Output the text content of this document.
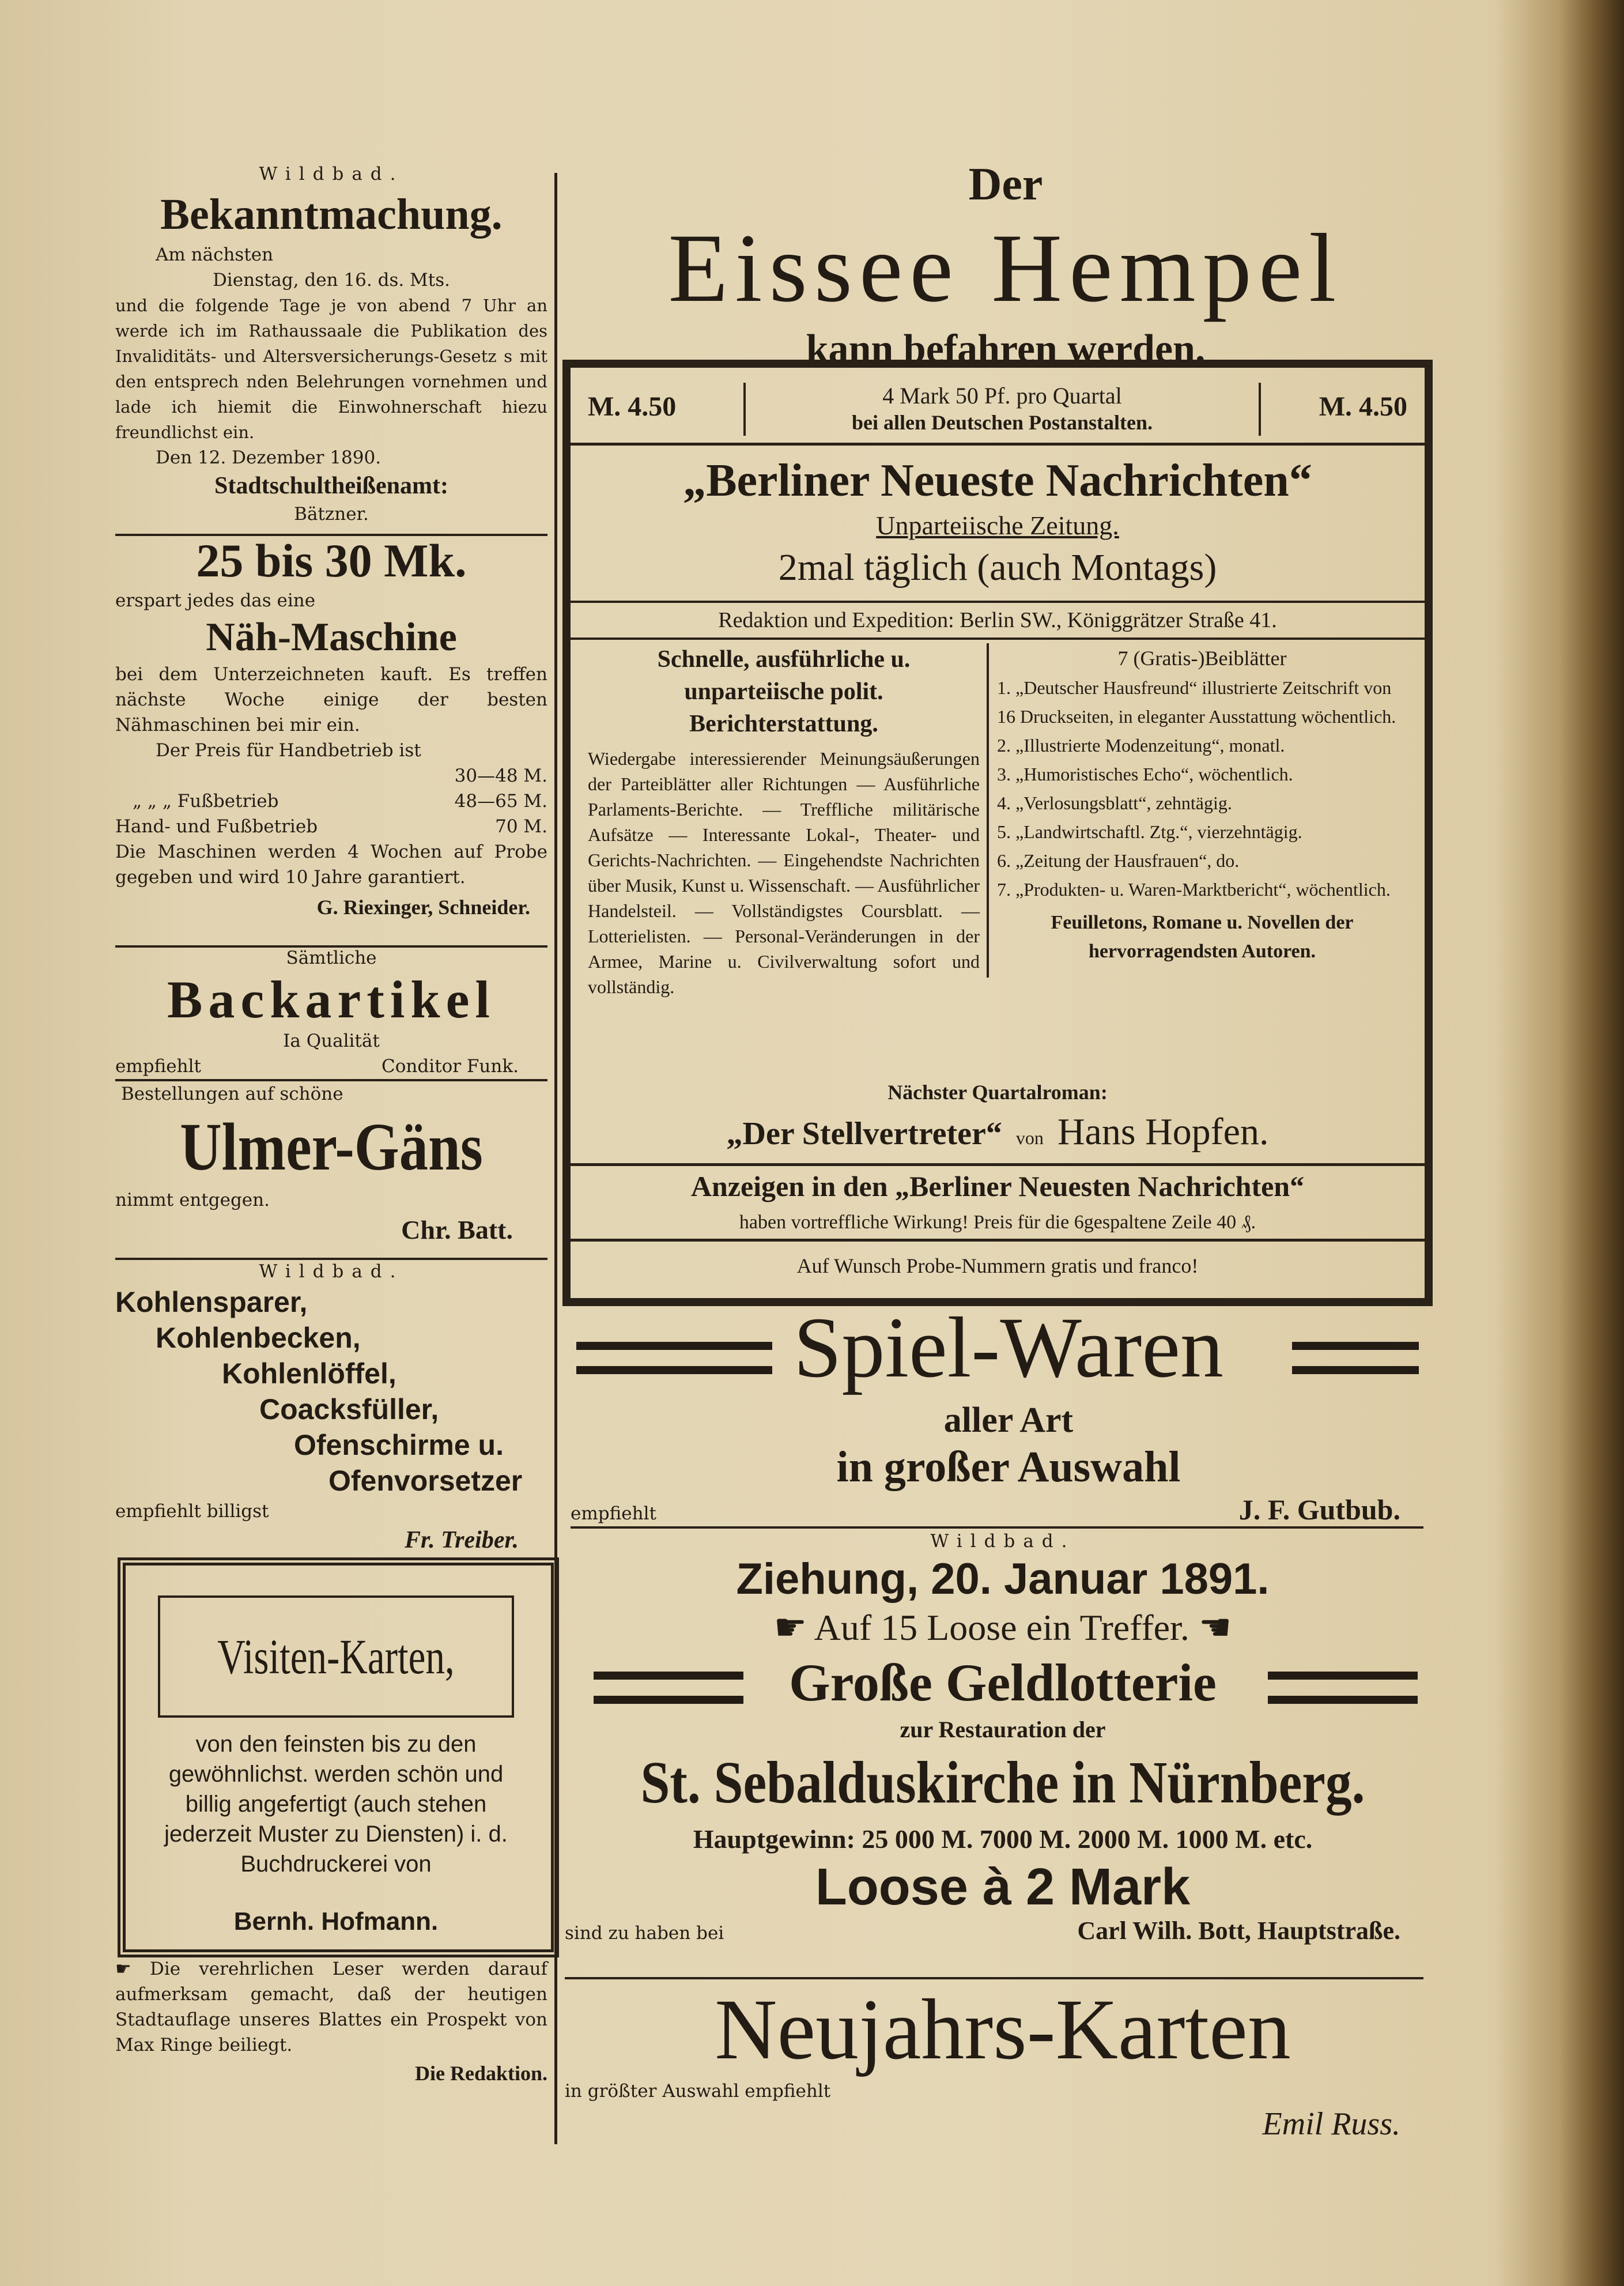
Wildbad.
Bekanntmachung.
Am nächsten
Dienstag, den 16. ds. Mts.
und die folgende Tage je von abend 7 Uhr an werde ich im Rathaussaale die Publikation des Invaliditäts- und Altersversicherungs-Gesetz s mit den entsprech nden Belehrungen vornehmen und lade ich hiemit die Einwohnerschaft hiezu freundlichst ein.
Den 12. Dezember 1890.
Stadtschultheißenamt:
Bätzner.
25 bis 30 Mk.
erspart jedes das eine
Näh-Maschine
bei dem Unterzeichneten kauft. Es treffen nächste Woche einige der besten Nähmaschinen bei mir ein.
Der Preis für Handbetrieb ist
30—48 M.
„ „ „ Fußbetrieb	48—65 M.
Hand- und Fußbetrieb	70 M.
Die Maschinen werden 4 Wochen auf Probe gegeben und wird 10 Jahre garantiert.
G. Riexinger, Schneider.
Sämtliche
Backartikel
Ia Qualität
empfiehlt	Conditor Funk.
Bestellungen auf schöne
Ulmer-Gäns
nimmt entgegen.
Chr. Batt.
Wildbad.
Kohlensparer,
Kohlenbecken,
Kohlenlöffel,
Coacksfüller,
Ofenschirme u.
Ofenvorsetzer
empfiehlt billigst
Fr. Treiber.
Visiten-Karten,
von den feinsten bis zu den gewöhnlichst. werden schön und billig angefertigt (auch stehen jederzeit Muster zu Diensten) i. d. Buchdruckerei von
Bernh. Hofmann.
☛ Die verehrlichen Leser werden darauf aufmerksam gemacht, daß der heutigen Stadtauflage unseres Blattes ein Prospekt von Max Ringe beiliegt.
Die Redaktion.
Der
Eissee Hempel
kann befahren werden.
M. 4.50	4 Mark 50 Pf. pro Quartal
bei allen Deutschen Postanstalten.
M. 4.50
„Berliner Neueste Nachrichten“
Unparteiische Zeitung.
2mal täglich (auch Montags)
Redaktion und Expedition: Berlin SW., Königgrätzer Straße 41.
Schnelle, ausführliche u. unparteiische polit. Berichterstattung.
Wiedergabe interessierender Meinungsäußerungen der Parteiblätter aller Richtungen — Ausführliche Parlaments-Berichte. — Treffliche militärische Aufsätze — Interessante Lokal-, Theater- und Gerichts-Nachrichten. — Eingehendste Nachrichten über Musik, Kunst u. Wissenschaft. — Ausführlicher Handelsteil. — Vollständigstes Coursblatt. — Lotterielisten. — Personal-Veränderungen in der Armee, Marine u. Civilverwaltung sofort und vollständig.
7 (Gratis-)Beiblätter
1. „Deutscher Hausfreund“ illustrierte Zeitschrift von 16 Druckseiten, in eleganter Ausstattung wöchentlich.
2. „Illustrierte Modenzeitung“, monatl.
3. „Humoristisches Echo“, wöchentlich.
4. „Verlosungsblatt“, zehntägig.
5. „Landwirtschaftl. Ztg.“, vierzehntägig.
6. „Zeitung der Hausfrauen“, do.
7. „Produkten- u. Waren-Marktbericht“, wöchentlich.
Feuilletons, Romane u. Novellen der hervorragendsten Autoren.
Nächster Quartalroman:
„Der Stellvertreter“ von Hans Hopfen.
Anzeigen in den „Berliner Neuesten Nachrichten“
haben vortreffliche Wirkung! Preis für die 6gespaltene Zeile 40 ₰.
Auf Wunsch Probe-Nummern gratis und franco!
Spiel-Waren
aller Art
in großer Auswahl
empfiehlt	J. F. Gutbub.
Wildbad.
Ziehung, 20. Januar 1891.
☛ Auf 15 Loose ein Treffer. ☚
Große Geldlotterie
zur Restauration der
St. Sebalduskirche in Nürnberg.
Hauptgewinn: 25 000 M. 7000 M. 2000 M. 1000 M. etc.
Loose à 2 Mark
sind zu haben bei	Carl Wilh. Bott, Hauptstraße.
Neujahrs-Karten
in größter Auswahl empfiehlt
Emil Russ.
